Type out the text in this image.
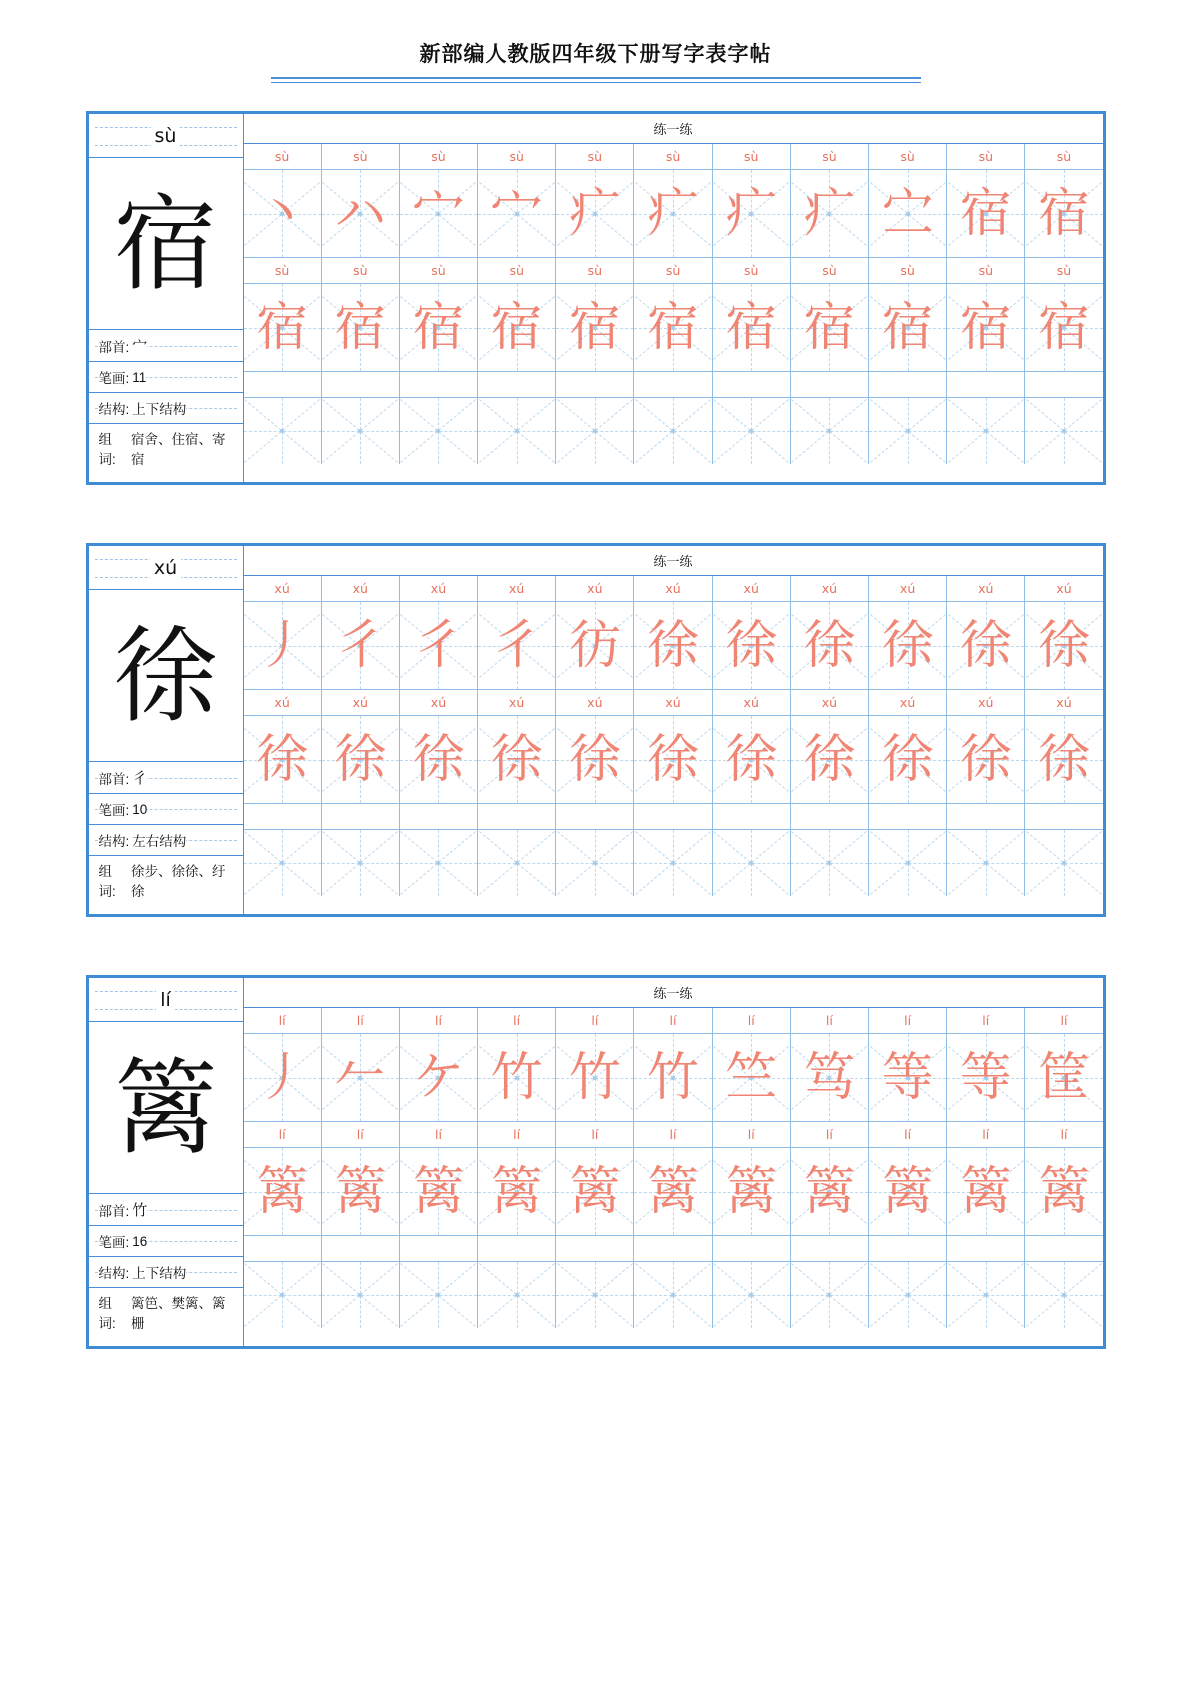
新部编人教版四年级下册写字表字帖
sù
宿
部首: 宀
笔画: 11
结构: 上下结构
组词:
宿舍、住宿、寄宿
练一练
sù	sù	sù	sù	sù	sù	sù	sù	sù	sù	sù
丶 ハ 宀 宀 疒 疒 疒 疒 㝉 宿 宿
sù	sù	sù	sù	sù	sù	sù	sù	sù	sù	sù
宿 宿 宿 宿 宿 宿 宿 宿 宿 宿 宿
xú
徐
部首: 彳
笔画: 10
结构: 左右结构
组词:
徐步、徐徐、纡徐
练一练
xú	xú	xú	xú	xú	xú	xú	xú	xú	xú	xú
丿 彳 彳 彳 彷 徐 徐 徐 徐 徐 徐
xú	xú	xú	xú	xú	xú	xú	xú	xú	xú	xú
徐 徐 徐 徐 徐 徐 徐 徐 徐 徐 徐
lí
篱
部首: 竹
笔画: 16
结构: 上下结构
组词:
篱笆、樊篱、篱栅
练一练
lí	lí	lí	lí	lí	lí	lí	lí	lí	lí	lí
丿 𠂉 ケ 竹 竹 竹 竺 笃 等 等 筐
lí	lí	lí	lí	lí	lí	lí	lí	lí	lí	lí
篱 篱 篱 篱 篱 篱 篱 篱 篱 篱 篱
